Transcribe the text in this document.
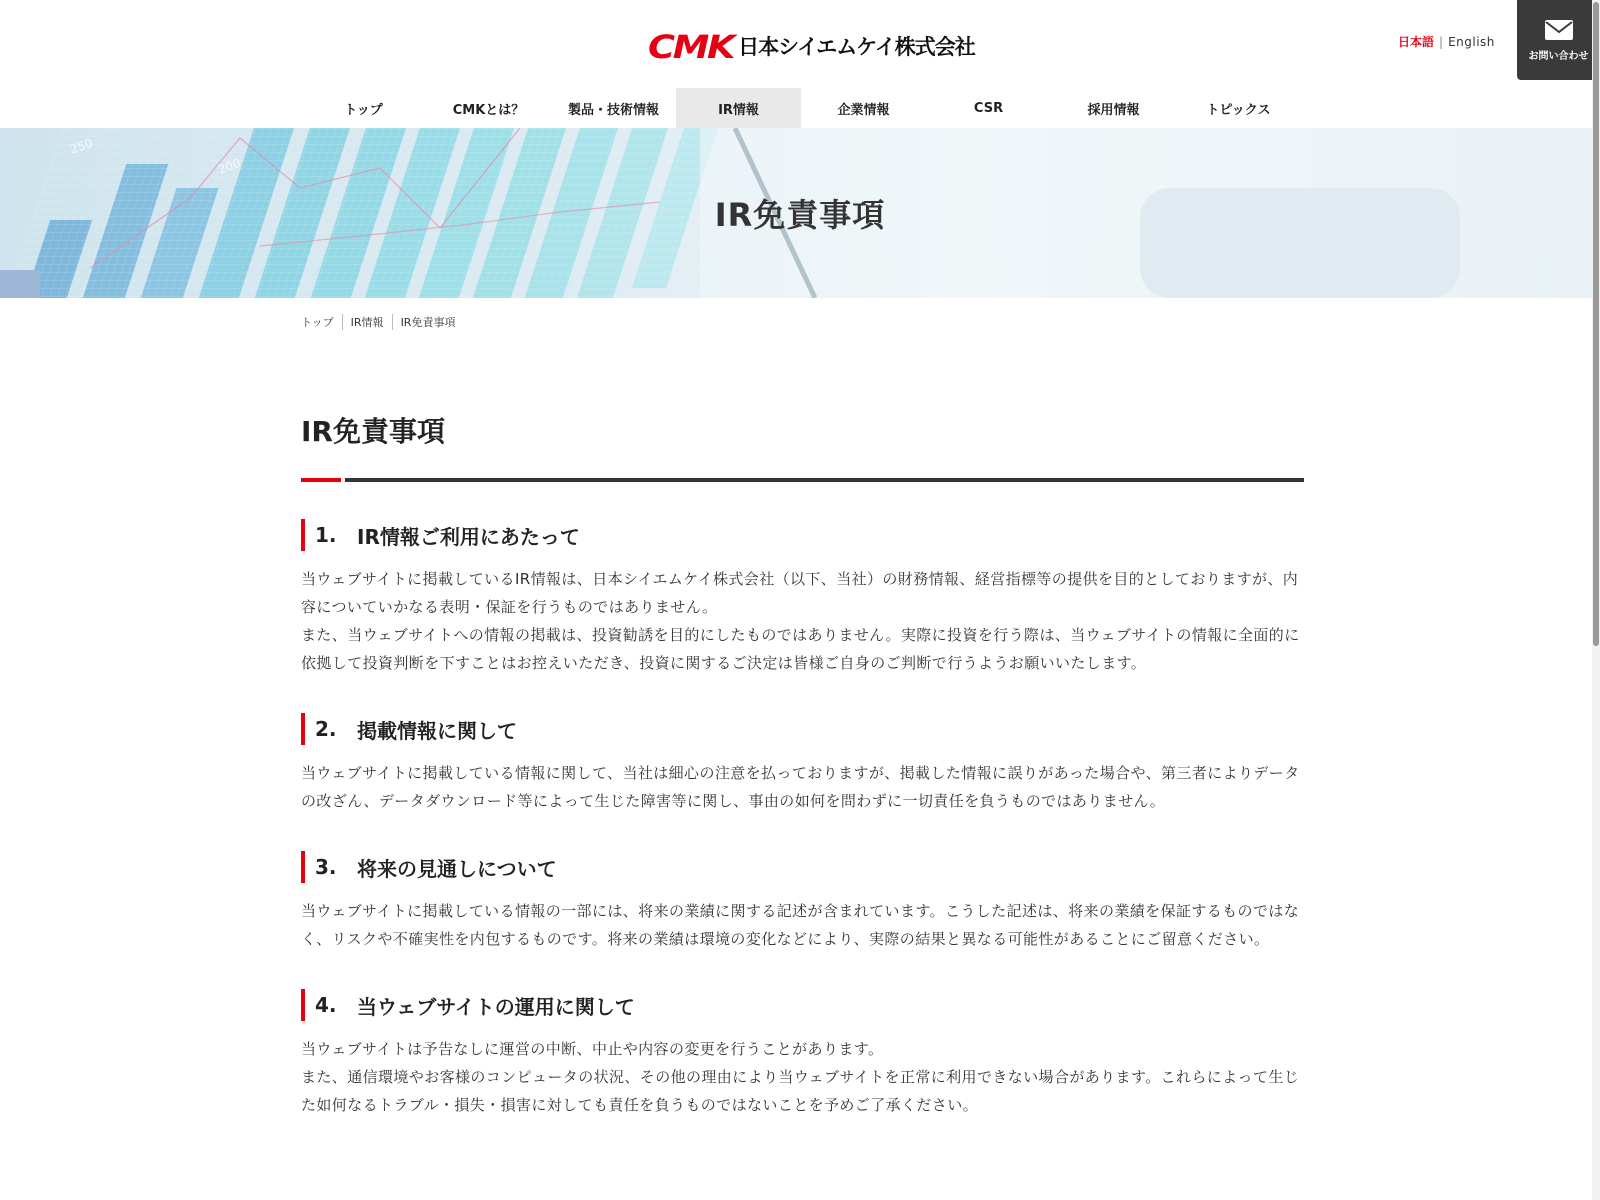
CMK 日本シイエムケイ株式会社	日本語 | English
お問い合わせ
トップ	CMKとは？	製品・技術情報	IR情報	企業情報	CSR	採用情報	トピックス
250
200
IR免責事項
トップ IR情報 IR免責事項
IR免責事項
1.	IR情報ご利用にあたって

当ウェブサイトに掲載しているIR情報は、日本シイエムケイ株式会社（以下、当社）の財務情報、経営指標等の提供を目的としておりますが、内容についていかなる表明・保証を行うものではありません。

また、当ウェブサイトへの情報の掲載は、投資勧誘を目的にしたものではありません。実際に投資を行う際は、当ウェブサイトの情報に全面的に依拠して投資判断を下すことはお控えいただき、投資に関するご決定は皆様ご自身のご判断で行うようお願いいたします。

2.	掲載情報に関して

当ウェブサイトに掲載している情報に関して、当社は細心の注意を払っておりますが、掲載した情報に誤りがあった場合や、第三者によりデータの改ざん、データダウンロード等によって生じた障害等に関し、事由の如何を問わずに一切責任を負うものではありません。

3.	将来の見通しについて

当ウェブサイトに掲載している情報の一部には、将来の業績に関する記述が含まれています。こうした記述は、将来の業績を保証するものではなく、リスクや不確実性を内包するものです。将来の業績は環境の変化などにより、実際の結果と異なる可能性があることにご留意ください。

4.	当ウェブサイトの運用に関して

当ウェブサイトは予告なしに運営の中断、中止や内容の変更を行うことがあります。

また、通信環境やお客様のコンピュータの状況、その他の理由により当ウェブサイトを正常に利用できない場合があります。これらによって生じた如何なるトラブル・損失・損害に対しても責任を負うものではないことを予めご了承ください。
